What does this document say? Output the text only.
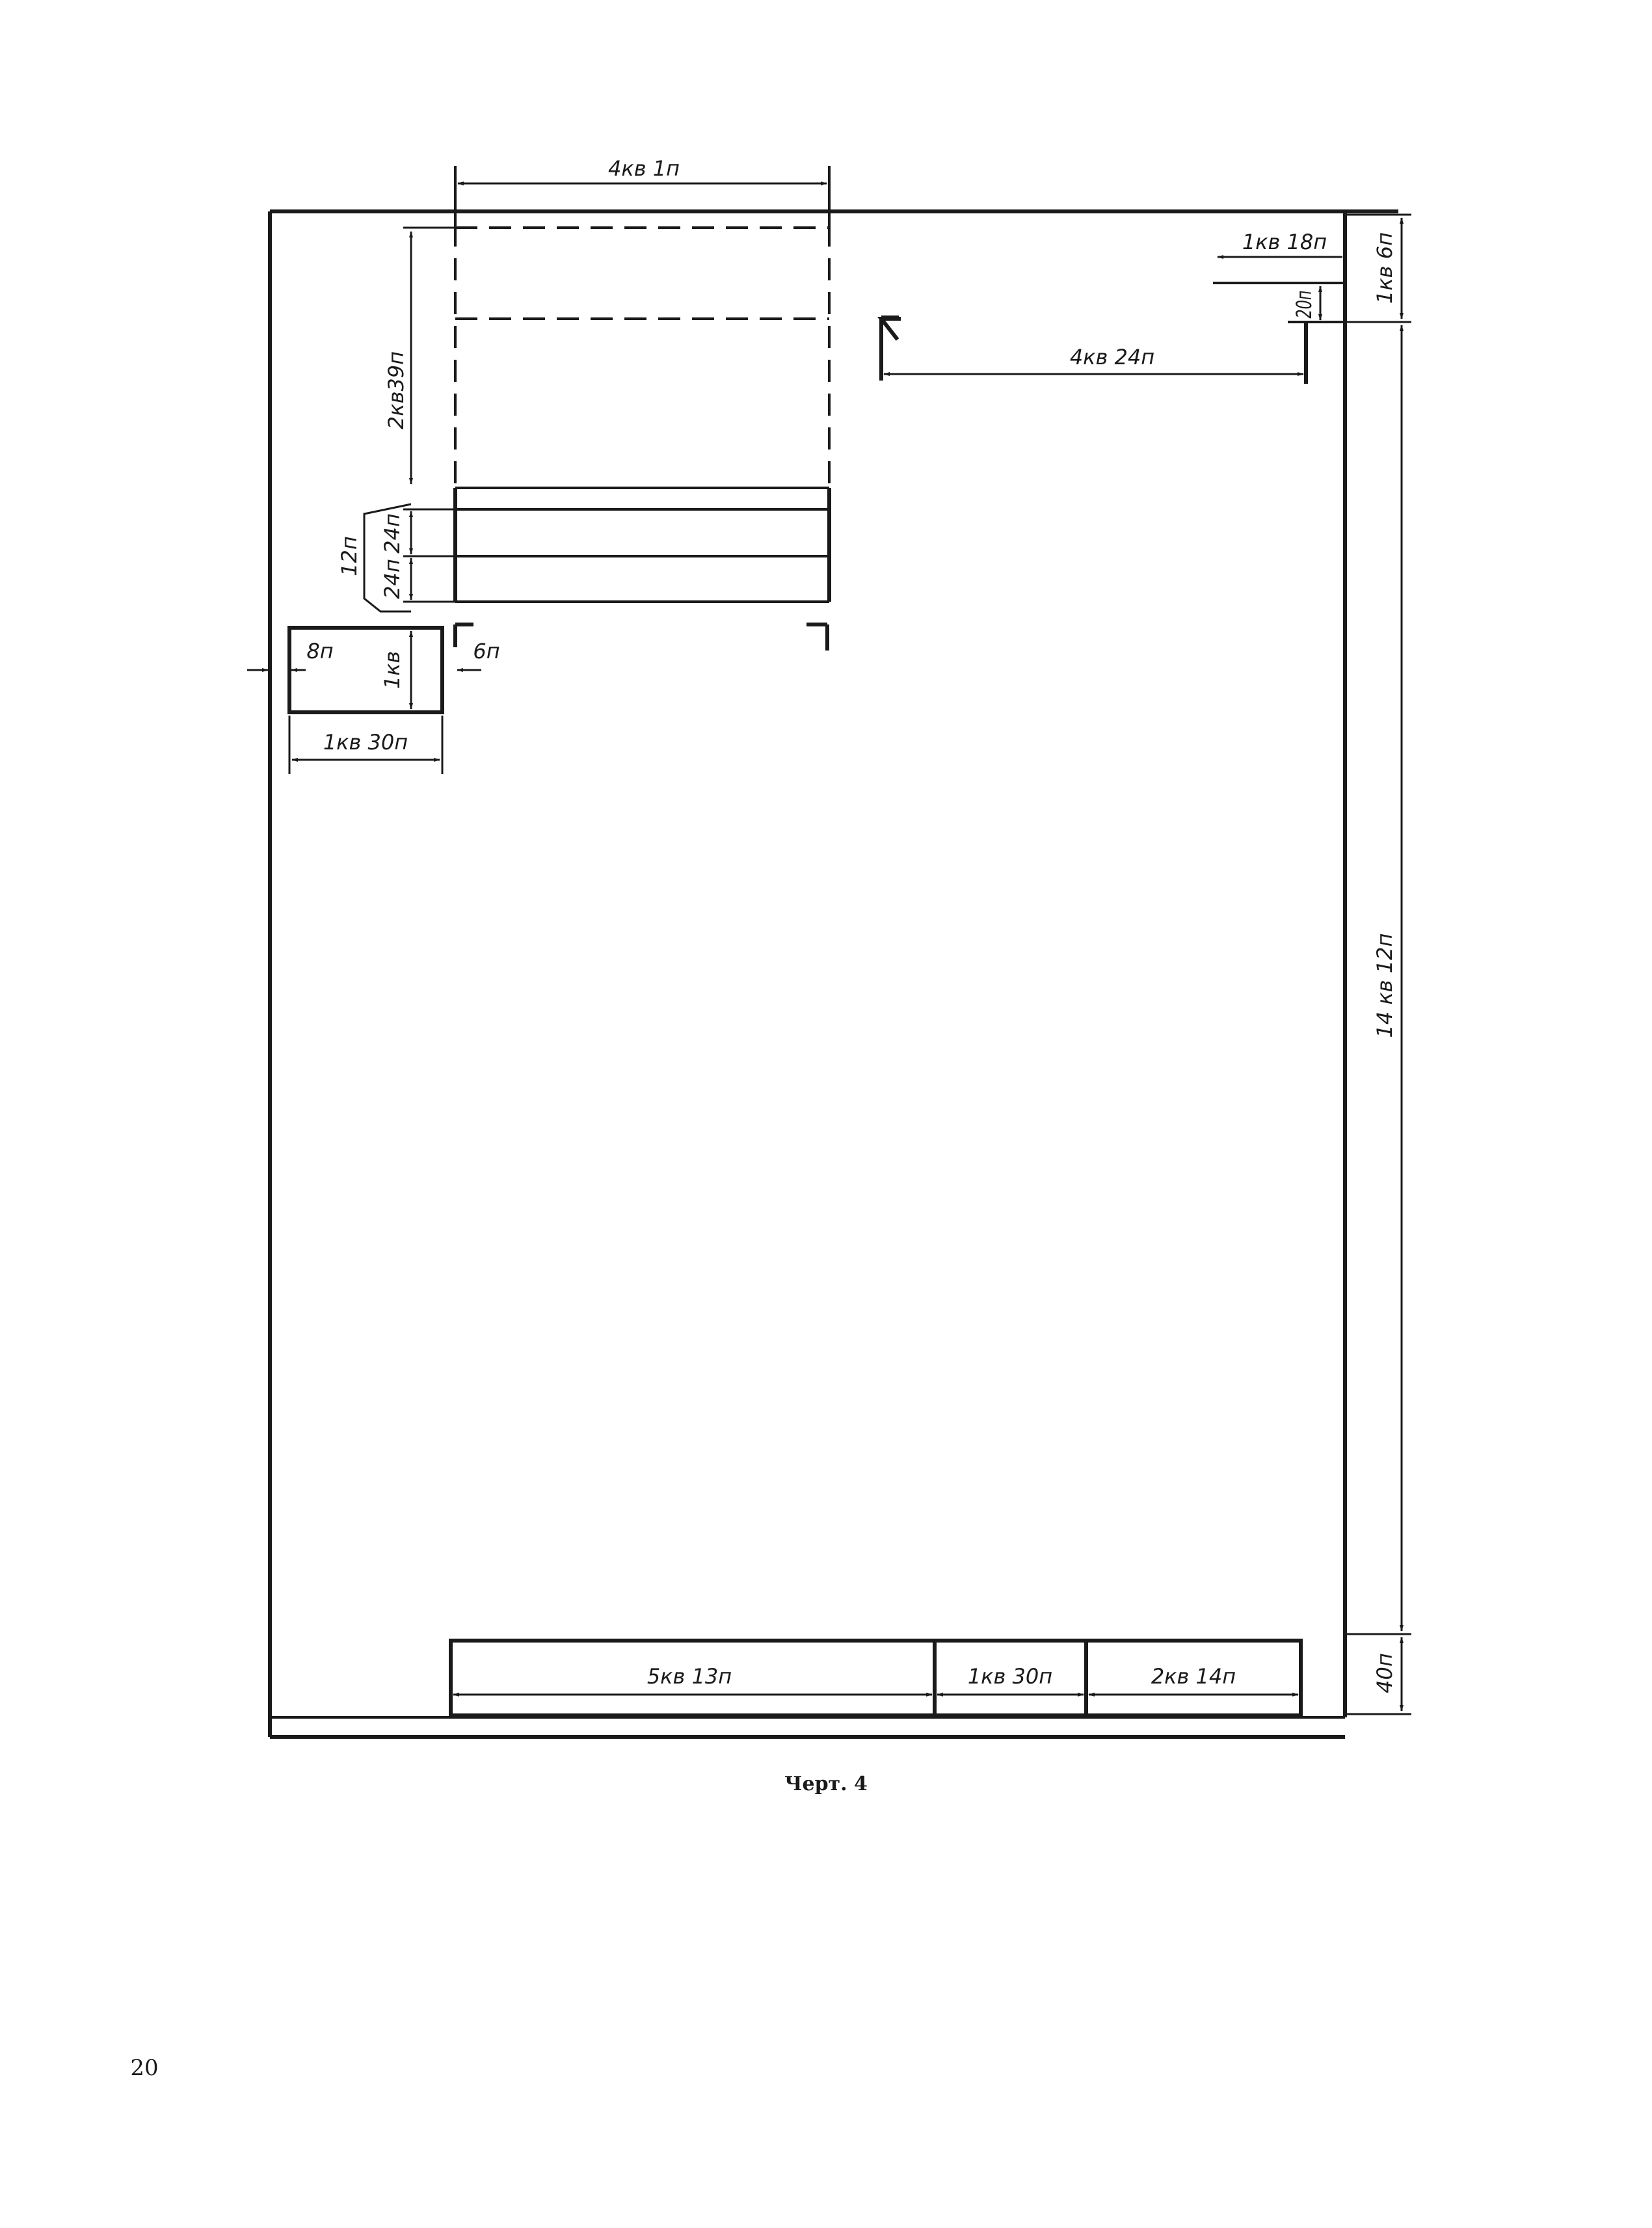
4кв 1п
2кв39п
24п
24п
12п
8п 1кв	6п
1кв 30п
1кв 18п
20п
4кв 24п
1кв 6п
14 кв 12п
40п
5кв 13п	1кв 30п	2кв 14п
Черт. 4
20
